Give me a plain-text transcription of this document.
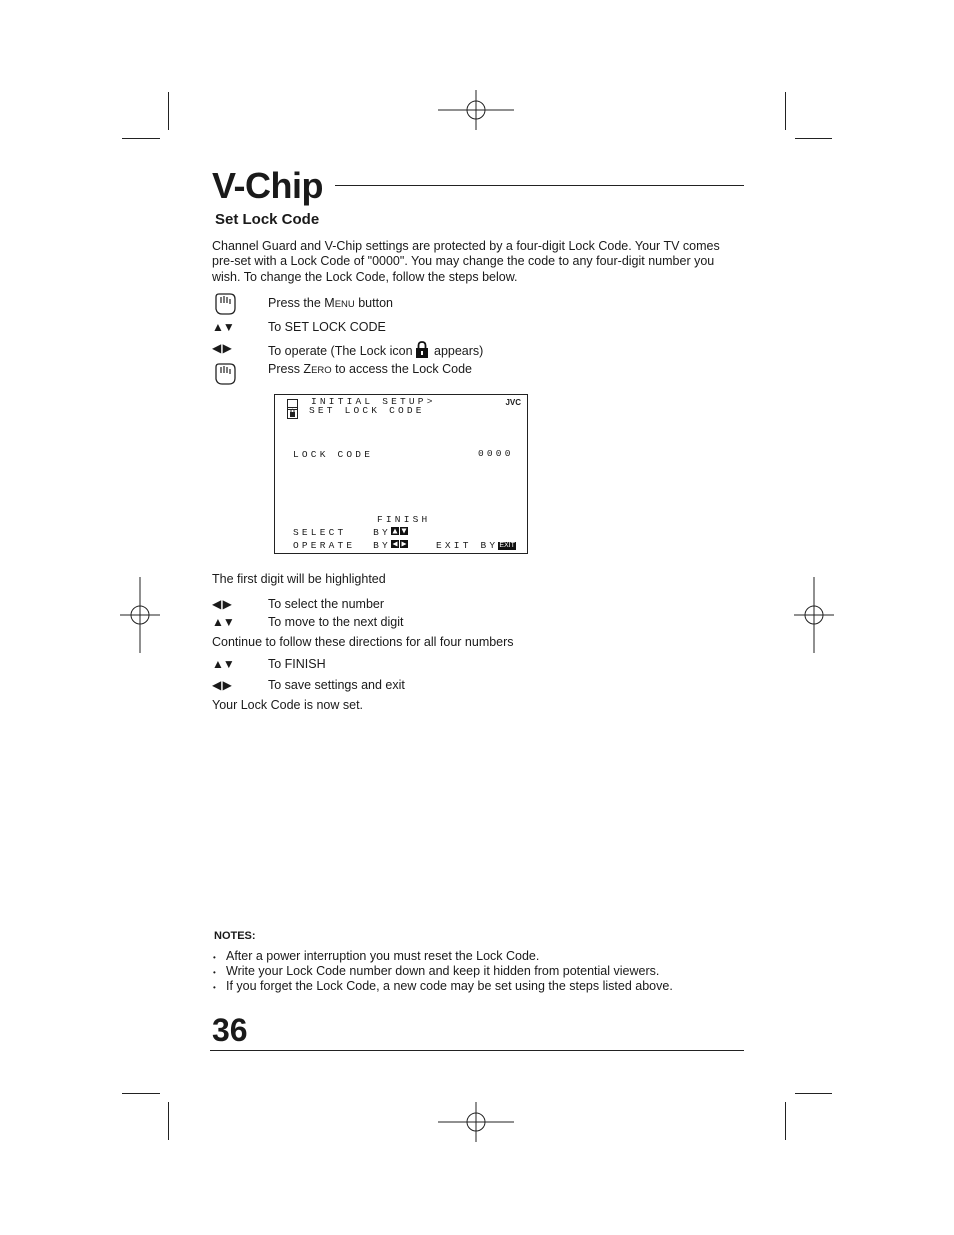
V-Chip
Set Lock Code
Channel Guard and V-Chip settings are protected by a four-digit Lock Code. Your TV comes pre-set with a Lock Code of "0000". You may change the code to any four-digit number you wish. To change the Lock Code, follow the steps below.
Press the MENU button
▲▼	To SET LOCK CODE
◀ ▶	To operate (The Lock icon appears)
Press ZERO to access the Lock Code
INITIAL SETUP>
SET LOCK CODE
JVC
LOCK CODE	0000
FINISH
SELECT   BY
OPERATE  BY	EXIT BYEXIT
The first digit will be highlighted
◀ ▶	To select the number
▲▼	To move to the next digit
Continue to follow these directions for all four numbers
▲▼	To FINISH
◀ ▶	To save settings and exit
Your Lock Code is now set.
NOTES:
• After a power interruption you must reset the Lock Code.
• Write your Lock Code number down and keep it hidden from potential viewers.
• If you forget the Lock Code, a new code may be set using the steps listed above.
36
